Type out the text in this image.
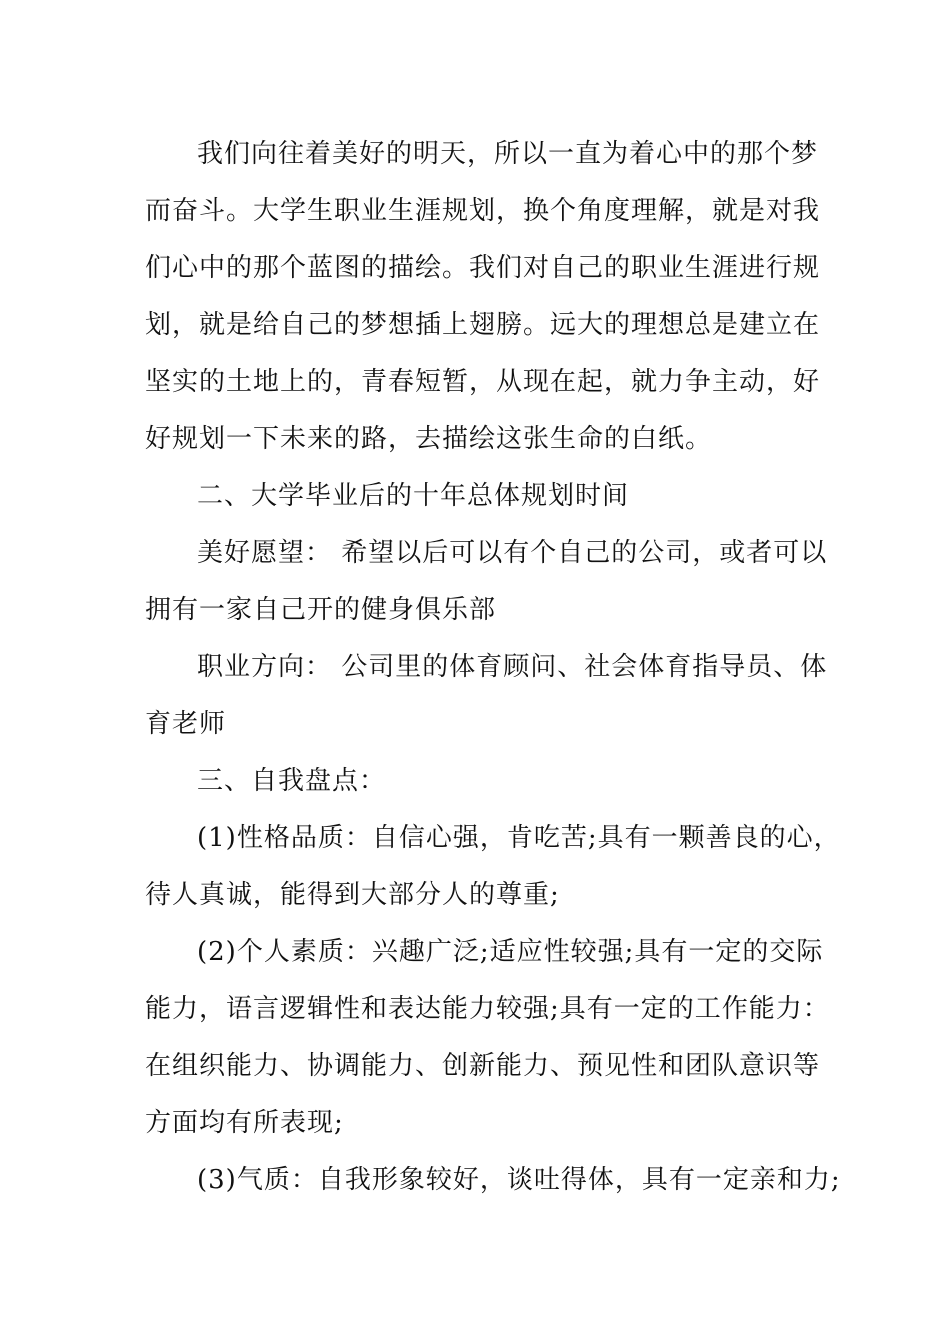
我们向往着美好的明天，所以一直为着心中的那个梦
而奋斗。大学生职业生涯规划，换个角度理解，就是对我
们心中的那个蓝图的描绘。我们对自己的职业生涯进行规
划，就是给自己的梦想插上翅膀。远大的理想总是建立在
坚实的土地上的，青春短暂，从现在起，就力争主动，好
好规划一下未来的路，去描绘这张生命的白纸。
二、大学毕业后的十年总体规划时间
美好愿望： 希望以后可以有个自己的公司，或者可以
拥有一家自己开的健身俱乐部
职业方向： 公司里的体育顾问、社会体育指导员、体
育老师
三、自我盘点：
(1)性格品质：自信心强，肯吃苦;具有一颗善良的心，
待人真诚，能得到大部分人的尊重;
(2)个人素质：兴趣广泛;适应性较强;具有一定的交际
能力，语言逻辑性和表达能力较强;具有一定的工作能力：
在组织能力、协调能力、创新能力、预见性和团队意识等
方面均有所表现;
(3)气质：自我形象较好，谈吐得体，具有一定亲和力;
